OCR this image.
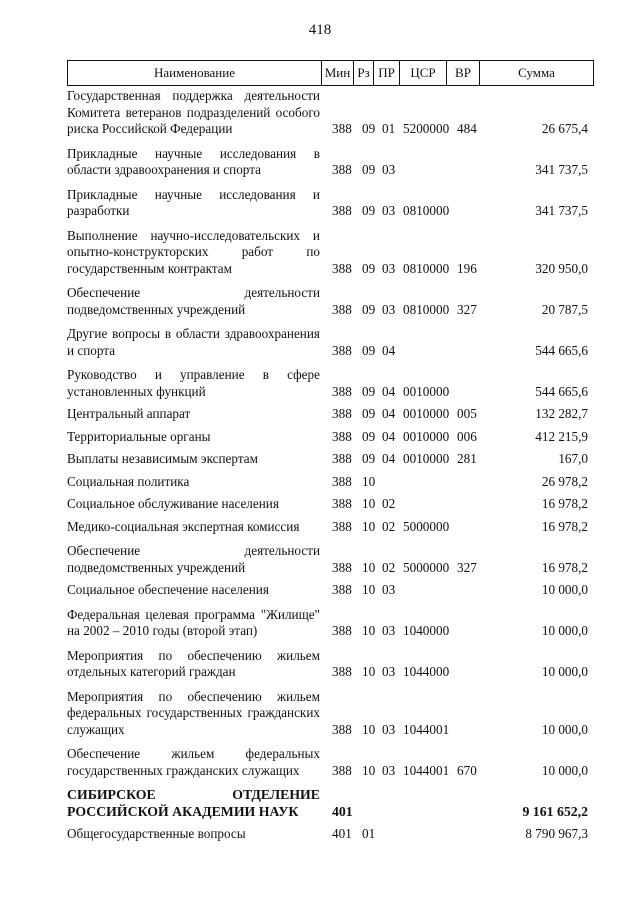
418
Наименование	Мин Рз ПР	ЦСР	ВР	Сумма
Государственная поддержка деятельности Комитета ветеранов подразделений особого риска Российской Федерации	388 09 01 5200000 484	26 675,4
Прикладные научные исследования в области здравоохранения и спорта	388 09 03	341 737,5
Прикладные научные исследования и разработки	388 09 03 0810000	341 737,5
Выполнение научно-исследовательских и опытно-конструкторских работ по государственным контрактам	388 09 03 0810000 196	320 950,0
Обеспечение деятельности подведомственных учреждений	388 09 03 0810000 327	20 787,5
Другие вопросы в области здравоохранения и спорта	388 09 04	544 665,6
Руководство и управление в сфере установленных функций	388 09 04 0010000	544 665,6
Центральный аппарат	388 09 04 0010000 005	132 282,7
Территориальные органы	388 09 04 0010000 006	412 215,9
Выплаты независимым экспертам	388 09 04 0010000 281	167,0
Социальная политика	388 10	26 978,2
Социальное обслуживание населения	388 10 02	16 978,2
Медико-социальная экспертная комиссия	388 10 02 5000000	16 978,2
Обеспечение деятельности подведомственных учреждений	388 10 02 5000000 327	16 978,2
Социальное обеспечение населения	388 10 03	10 000,0
Федеральная целевая программа "Жилище" на 2002 – 2010 годы (второй этап)	388 10 03 1040000	10 000,0
Мероприятия по обеспечению жильем отдельных категорий граждан	388 10 03 1044000	10 000,0
Мероприятия по обеспечению жильем федеральных государственных гражданских служащих	388 10 03 1044001	10 000,0
Обеспечение жильем федеральных государственных гражданских служащих	388 10 03 1044001 670	10 000,0
СИБИРСКОЕ ОТДЕЛЕНИЕ РОССИЙСКОЙ АКАДЕМИИ НАУК	401	9 161 652,2
Общегосударственные вопросы	401 01	8 790 967,3
